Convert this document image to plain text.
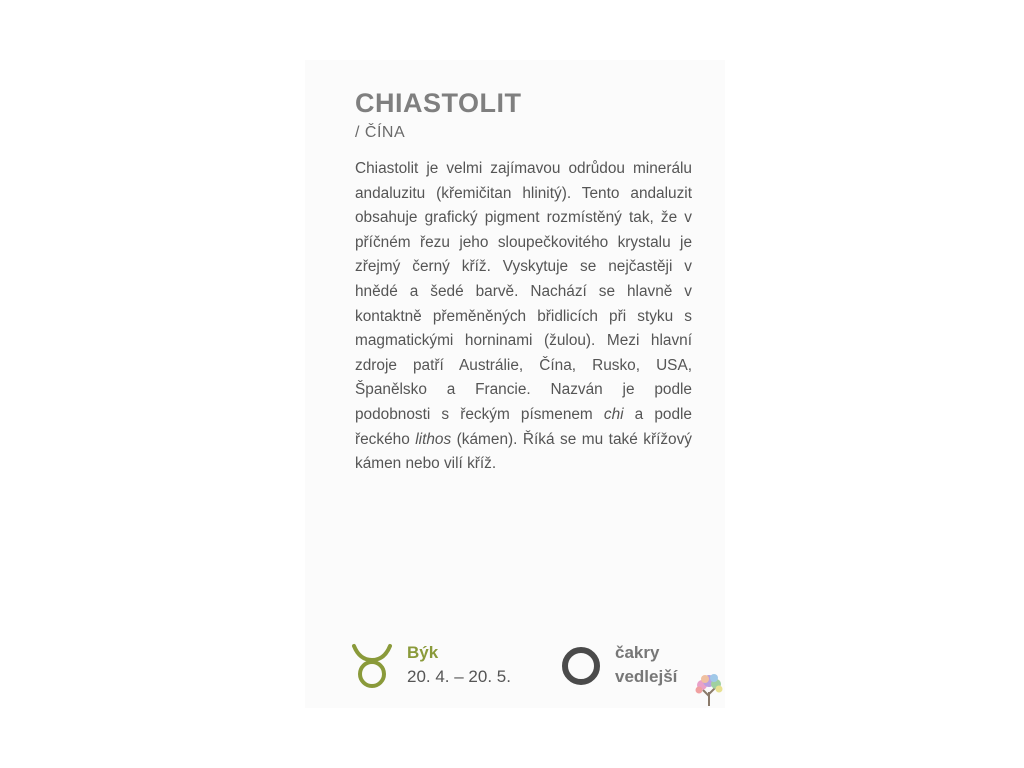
CHIASTOLIT
/ ČÍNA

Chiastolit je velmi zajímavou odrůdou minerálu andaluzitu (křemičitan hlinitý). Tento andaluzit obsahuje grafický pigment rozmístěný tak, že v příčném řezu jeho sloupečkovitého krystalu je zřejmý černý kříž. Vyskytuje se nejčastěji v hnědé a šedé barvě. Nachází se hlavně v kontaktně přeměněných břidlicích při styku s magmatickými horninami (žulou). Mezi hlavní zdroje patří Austrálie, Čína, Rusko, USA, Španělsko a Francie. Nazván je podle podobnosti s řeckým písmenem chi a podle řeckého lithos (kámen). Říká se mu také křížový kámen nebo vilí kříž.

Býk
20. 4. – 20. 5.
čakry
vedlejší
